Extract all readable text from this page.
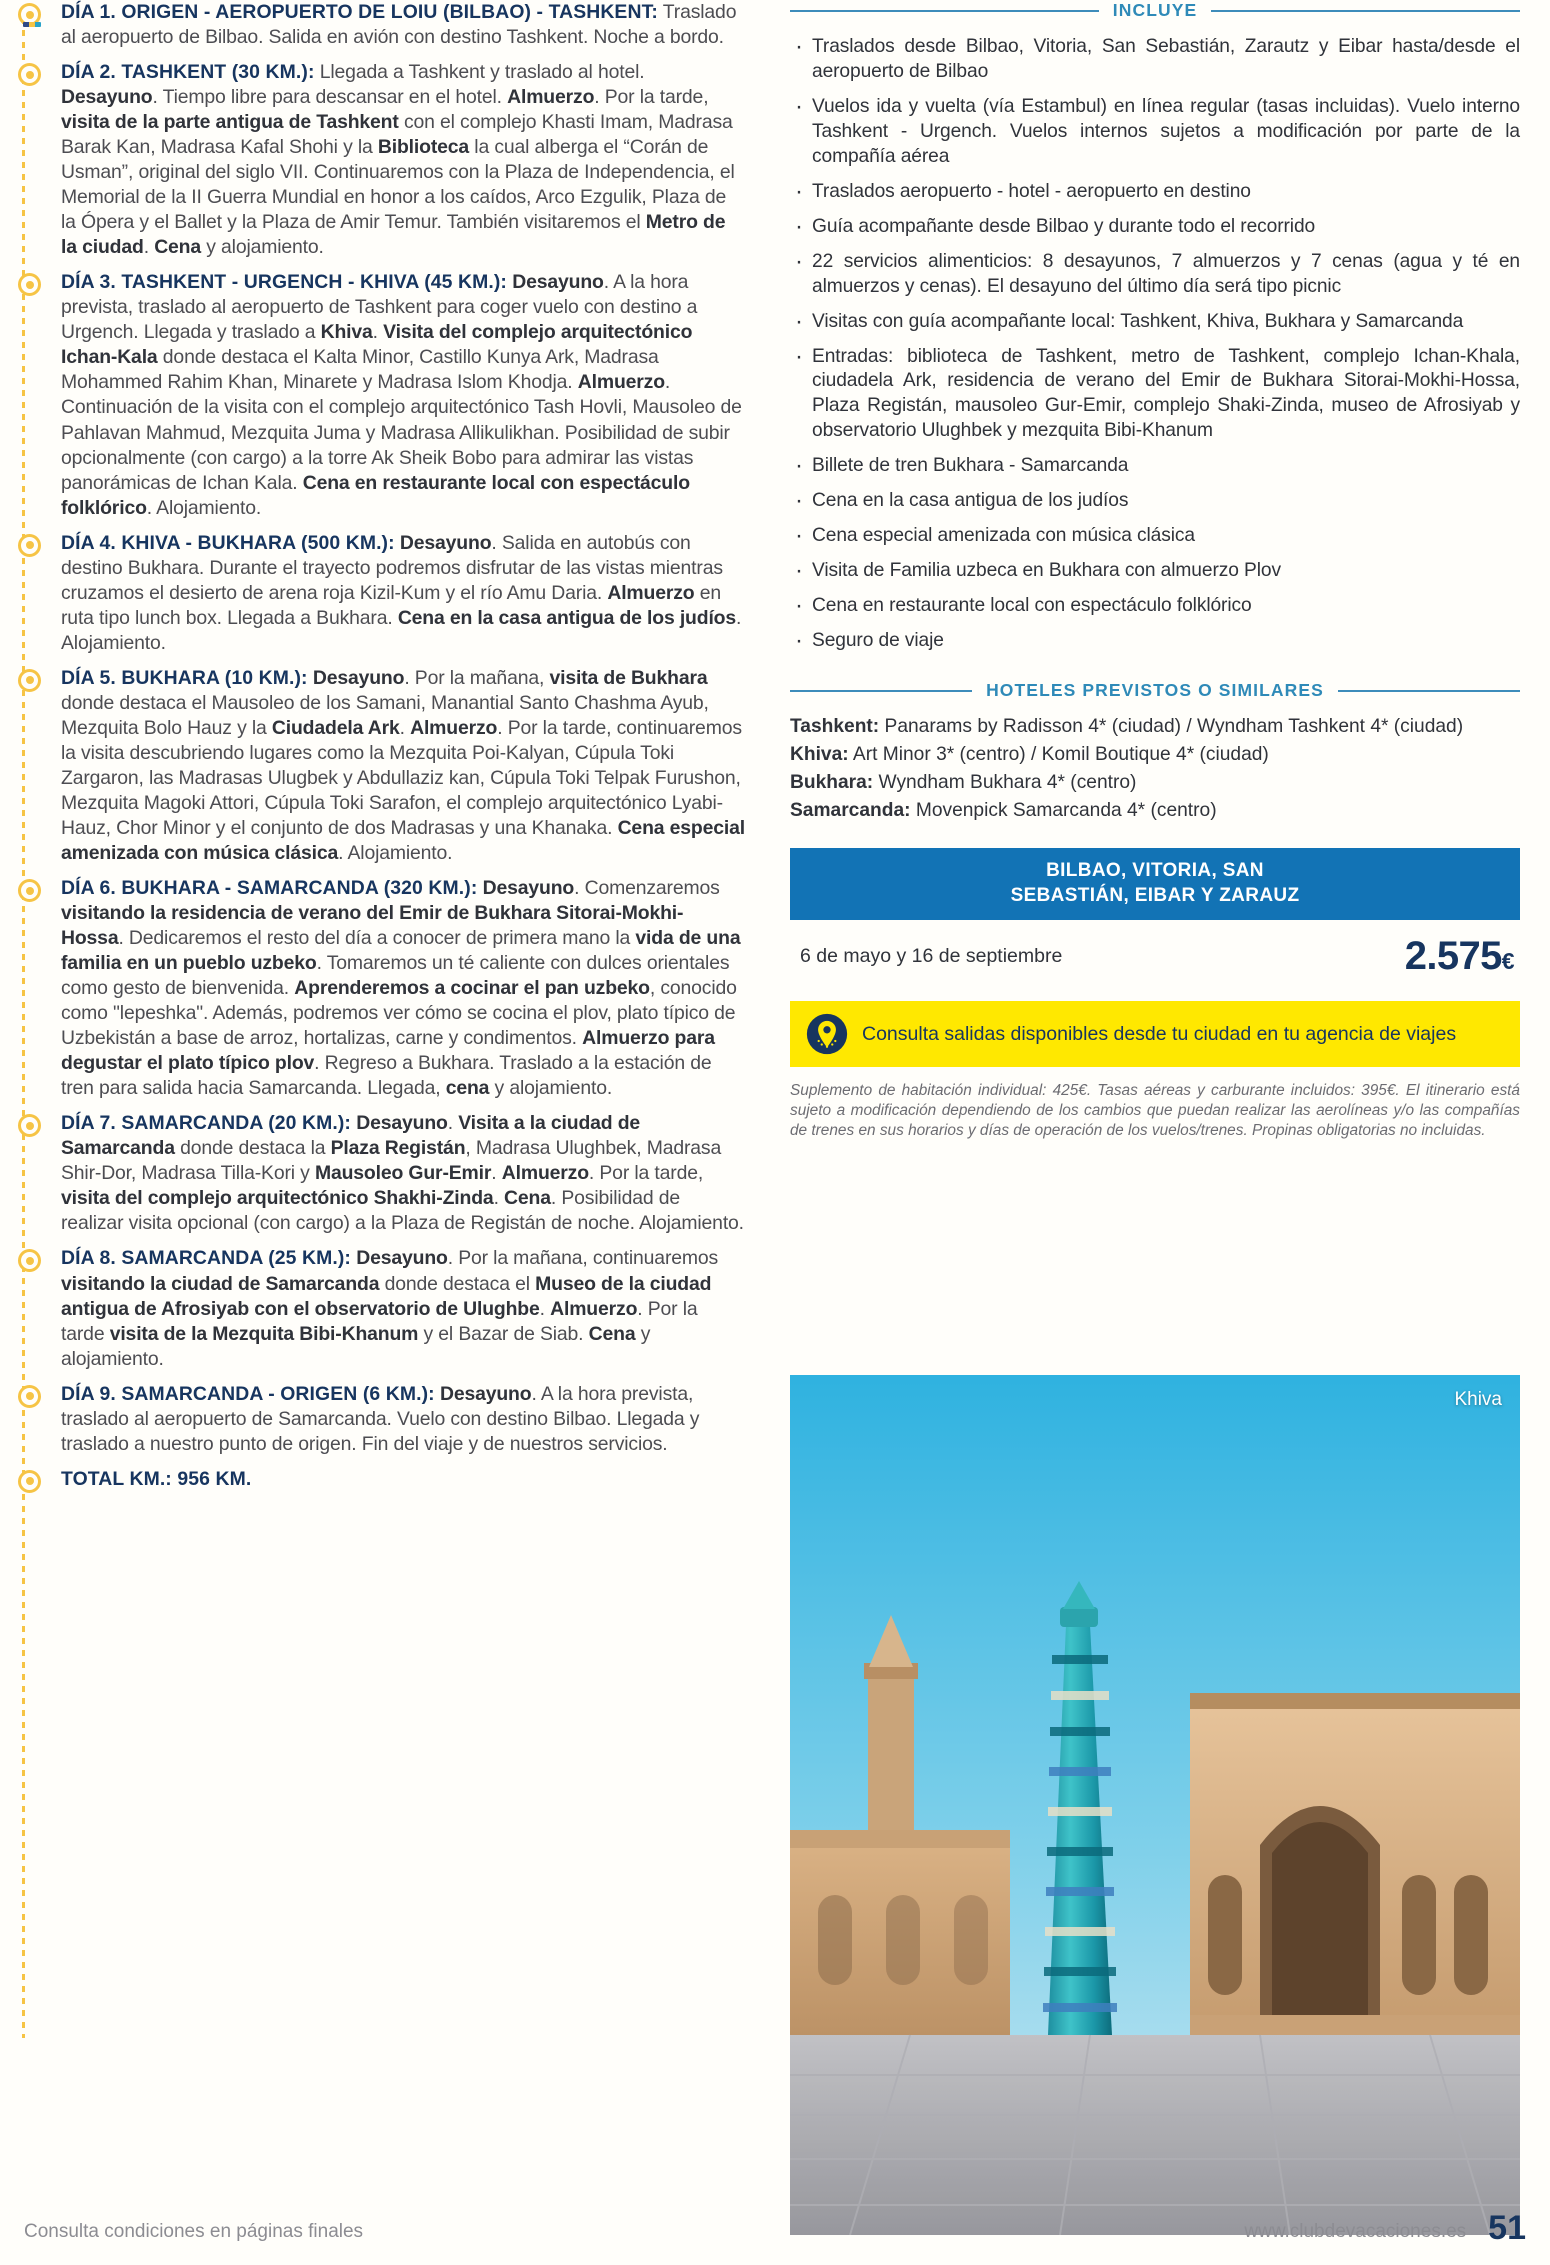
DÍA 1. ORIGEN - AEROPUERTO DE LOIU (BILBAO) - TASHKENT: Traslado al aeropuerto de Bilbao. Salida en avión con destino Tashkent. Noche a bordo.
DÍA 2. TASHKENT (30 KM.): Llegada a Tashkent y traslado al hotel. Desayuno. Tiempo libre para descansar en el hotel. Almuerzo. Por la tarde, visita de la parte antigua de Tashkent con el complejo Khasti Imam, Madrasa Barak Kan, Madrasa Kafal Shohi y la Biblioteca la cual alberga el “Corán de Usman”, original del siglo VII. Continuaremos con la Plaza de Independencia, el Memorial de la II Guerra Mundial en honor a los caídos, Arco Ezgulik, Plaza de la Ópera y el Ballet y la Plaza de Amir Temur. También visitaremos el Metro de la ciudad. Cena y alojamiento.
DÍA 3. TASHKENT - URGENCH - KHIVA (45 KM.): Desayuno. A la hora prevista, traslado al aeropuerto de Tashkent para coger vuelo con destino a Urgench. Llegada y traslado a Khiva. Visita del complejo arquitectónico Ichan-Kala donde destaca el Kalta Minor, Castillo Kunya Ark, Madrasa Mohammed Rahim Khan, Minarete y Madrasa Islom Khodja. Almuerzo. Continuación de la visita con el complejo arquitectónico Tash Hovli, Mausoleo de Pahlavan Mahmud, Mezquita Juma y Madrasa Allikulikhan. Posibilidad de subir opcionalmente (con cargo) a la torre Ak Sheik Bobo para admirar las vistas panorámicas de Ichan Kala. Cena en restaurante local con espectáculo folklórico. Alojamiento.
DÍA 4. KHIVA - BUKHARA (500 KM.): Desayuno. Salida en autobús con destino Bukhara. Durante el trayecto podremos disfrutar de las vistas mientras cruzamos el desierto de arena roja Kizil-Kum y el río Amu Daria. Almuerzo en ruta tipo lunch box. Llegada a Bukhara. Cena en la casa antigua de los judíos. Alojamiento.
DÍA 5. BUKHARA (10 KM.): Desayuno. Por la mañana, visita de Bukhara donde destaca el Mausoleo de los Samani, Manantial Santo Chashma Ayub, Mezquita Bolo Hauz y la Ciudadela Ark. Almuerzo. Por la tarde, continuaremos la visita descubriendo lugares como la Mezquita Poi-Kalyan, Cúpula Toki Zargaron, las Madrasas Ulugbek y Abdullaziz kan, Cúpula Toki Telpak Furushon, Mezquita Magoki Attori, Cúpula Toki Sarafon, el complejo arquitectónico Lyabi-Hauz, Chor Minor y el conjunto de dos Madrasas y una Khanaka. Cena especial amenizada con música clásica. Alojamiento.
DÍA 6. BUKHARA - SAMARCANDA (320 KM.): Desayuno. Comenzaremos visitando la residencia de verano del Emir de Bukhara Sitorai-Mokhi-Hossa. Dedicaremos el resto del día a conocer de primera mano la vida de una familia en un pueblo uzbeko. Tomaremos un té caliente con dulces orientales como gesto de bienvenida. Aprenderemos a cocinar el pan uzbeko, conocido como "lepeshka". Además, podremos ver cómo se cocina el plov, plato típico de Uzbekistán a base de arroz, hortalizas, carne y condimentos. Almuerzo para degustar el plato típico plov. Regreso a Bukhara. Traslado a la estación de tren para salida hacia Samarcanda. Llegada, cena y alojamiento.
DÍA 7. SAMARCANDA (20 KM.): Desayuno. Visita a la ciudad de Samarcanda donde destaca la Plaza Registán, Madrasa Ulughbek, Madrasa Shir-Dor, Madrasa Tilla-Kori y Mausoleo Gur-Emir. Almuerzo. Por la tarde, visita del complejo arquitectónico Shakhi-Zinda. Cena. Posibilidad de realizar visita opcional (con cargo) a la Plaza de Registán de noche. Alojamiento.
DÍA 8. SAMARCANDA (25 KM.): Desayuno. Por la mañana, continuaremos visitando la ciudad de Samarcanda donde destaca el Museo de la ciudad antigua de Afrosiyab con el observatorio de Ulughbe. Almuerzo. Por la tarde visita de la Mezquita Bibi-Khanum y el Bazar de Siab. Cena y alojamiento.
DÍA 9. SAMARCANDA - ORIGEN (6 KM.): Desayuno. A la hora prevista, traslado al aeropuerto de Samarcanda. Vuelo con destino Bilbao. Llegada y traslado a nuestro punto de origen. Fin del viaje y de nuestros servicios.
TOTAL KM.: 956 KM.
INCLUYE
· Traslados desde Bilbao, Vitoria, San Sebastián, Zarautz y Eibar hasta/desde el aeropuerto de Bilbao
· Vuelos ida y vuelta (vía Estambul) en línea regular (tasas incluidas). Vuelo interno Tashkent - Urgench. Vuelos internos sujetos a modificación por parte de la compañía aérea
· Traslados aeropuerto - hotel - aeropuerto en destino
· Guía acompañante desde Bilbao y durante todo el recorrido
· 22 servicios alimenticios: 8 desayunos, 7 almuerzos y 7 cenas (agua y té en almuerzos y cenas). El desayuno del último día será tipo picnic
· Visitas con guía acompañante local: Tashkent, Khiva, Bukhara y Samarcanda
· Entradas: biblioteca de Tashkent, metro de Tashkent, complejo Ichan-Khala, ciudadela Ark, residencia de verano del Emir de Bukhara Sitorai-Mokhi-Hossa, Plaza Registán, mausoleo Gur-Emir, complejo Shaki-Zinda, museo de Afrosiyab y observatorio Ulughbek y mezquita Bibi-Khanum
· Billete de tren Bukhara - Samarcanda
· Cena en la casa antigua de los judíos
· Cena especial amenizada con música clásica
· Visita de Familia uzbeca en Bukhara con almuerzo Plov
· Cena en restaurante local con espectáculo folklórico
· Seguro de viaje
HOTELES PREVISTOS O SIMILARES
Tashkent: Panarams by Radisson 4* (ciudad) / Wyndham Tashkent 4* (ciudad)
Khiva: Art Minor 3* (centro) / Komil Boutique 4* (ciudad)
Bukhara: Wyndham Bukhara 4* (centro)
Samarcanda: Movenpick Samarcanda 4* (centro)
BILBAO, VITORIA, SAN
SEBASTIÁN, EIBAR Y ZARAUZ
6 de mayo y 16 de septiembre	2.575€
Consulta salidas disponibles desde tu ciudad en tu agencia de viajes
Suplemento de habitación individual: 425€. Tasas aéreas y carburante incluidos: 395€. El itinerario está sujeto a modificación dependiendo de los cambios que puedan realizar las aerolíneas y/o las compañías de trenes en sus horarios y días de operación de los vuelos/trenes. Propinas obligatorias no incluidas.
Khiva
Consulta condiciones en páginas finales	www.clubdevacaciones.es 51
